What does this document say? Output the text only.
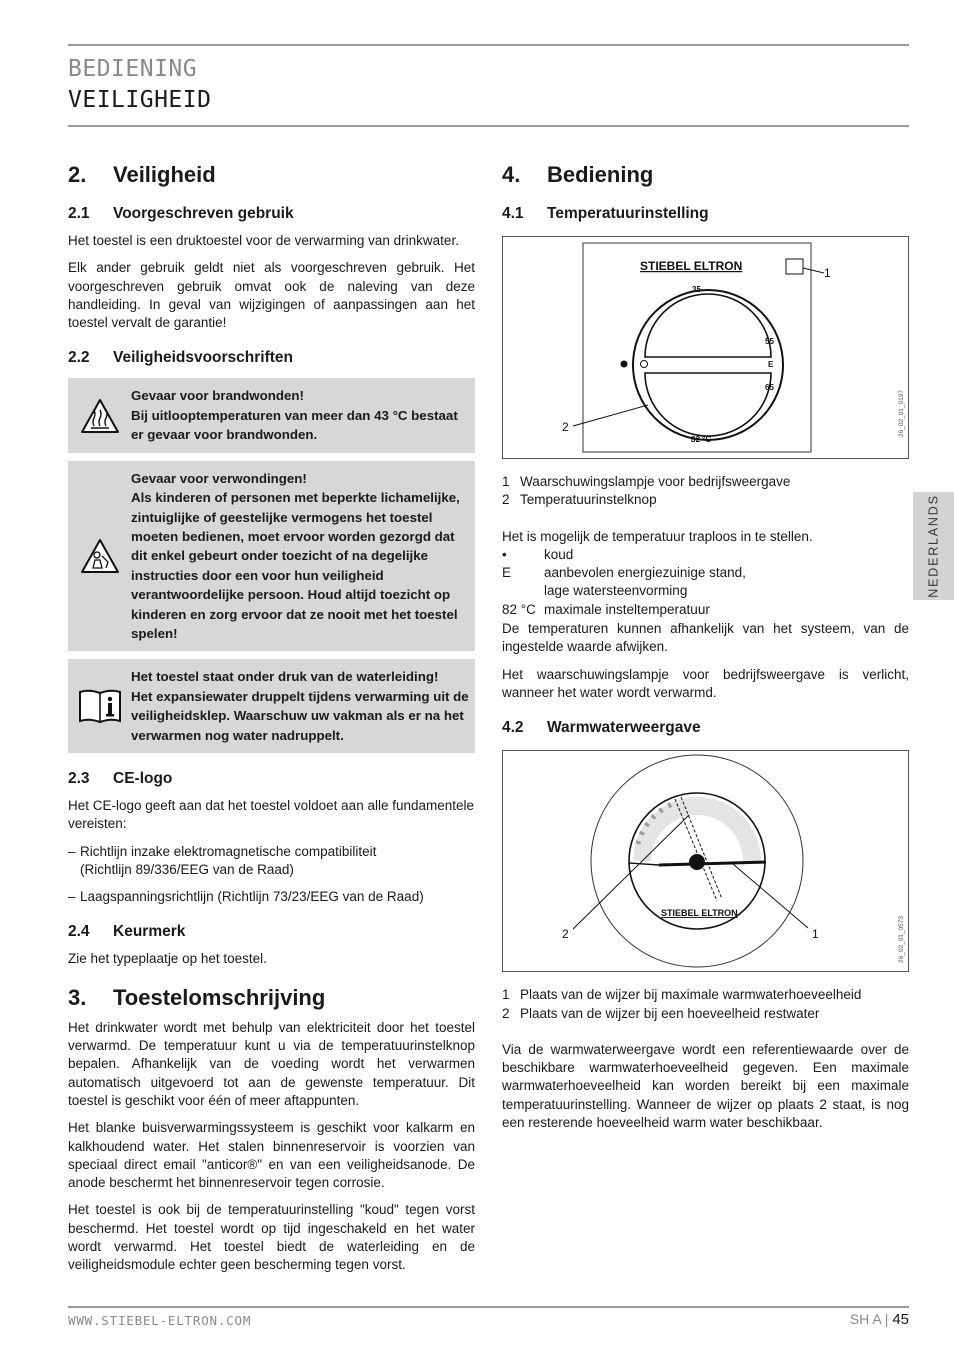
BEDIENING
VEILIGHEID
2.	Veiligheid
2.1	Voorgeschreven gebruik

Het toestel is een druktoestel voor de verwarming van drinkwater.

Elk ander gebruik geldt niet als voorgeschreven gebruik. Het voorgeschreven gebruik omvat ook de naleving van deze handleiding. In geval van wijzigingen of aanpassingen aan het toestel vervalt de garantie!

2.2	Veiligheidsvoorschriften
Gevaar voor brandwonden!
Bij uitlooptemperaturen van meer dan 43 °C bestaat er gevaar voor brandwonden.
Gevaar voor verwondingen!
Als kinderen of personen met beperkte lichamelijke, zintuiglijke of geestelijke vermogens het toestel moeten bedienen, moet ervoor worden gezorgd dat dit enkel gebeurt onder toezicht of na degelijke instructies door een voor hun veiligheid verantwoordelijke persoon. Houd altijd toezicht op kinderen en zorg ervoor dat ze nooit met het toestel spelen!
Het toestel staat onder druk van de waterleiding!
Het expansiewater druppelt tijdens verwarming uit de veiligheidsklep. Waarschuw uw vakman als er na het verwarmen nog water nadruppelt.
2.3	CE-logo

Het CE-logo geeft aan dat het toestel voldoet aan alle fundamentele vereisten:

– Richtlijn inzake elektromagnetische compatibiliteit
(Richtlijn 89/336/EEG van de Raad)
– Laagspanningsrichtlijn (Richtlijn 73/23/EEG van de Raad)
2.4	Keurmerk

Zie het typeplaatje op het toestel.

3.	Toestelomschrijving

Het drinkwater wordt met behulp van elektriciteit door het toestel verwarmd. De temperatuur kunt u via de temperatuurinstelknop bepalen. Afhankelijk van de voeding wordt het verwarmen automatisch uitgevoerd tot aan de gewenste temperatuur. Dit toestel is geschikt voor één of meer aftappunten.

Het blanke buisverwarmingssysteem is geschikt voor kalkarm en kalkhoudend water. Het stalen binnenreservoir is voorzien van speciaal direct email "anticor®" en van een veiligheidsanode. De anode beschermt het binnenreservoir tegen corrosie.

Het toestel is ook bij de temperatuurinstelling "koud" tegen vorst beschermd. Het toestel wordt op tijd ingeschakeld en het water wordt verwarmd. Het toestel biedt de waterleiding en de veiligheidsmodule echter geen bescherming tegen vorst.

4.	Bediening
4.1	Temperatuurinstelling
STIEBEL ELTRON
35
55
E
65
82 °C
1
2	26_02_01_0197
1 Waarschuwingslampje voor bedrijfsweergave
2 Temperatuurinstelknop
Het is mogelijk de temperatuur traploos in te stellen.
•	koud
E	aanbevolen energiezuinige stand,
lage watersteenvorming
82 °C maximale insteltemperatuur

De temperaturen kunnen afhankelijk van het systeem, van de ingestelde waarde afwijken.

Het waarschuwingslampje voor bedrijfsweergave is verlicht, wanneer het water wordt verwarmd.

4.2	Warmwaterweergave
STIEBEL ELTRON
1
2	26_02_01_0573
1 Plaats van de wijzer bij maximale warmwaterhoeveelheid
2 Plaats van de wijzer bij een hoeveelheid restwater

Via de warmwaterweergave wordt een referentiewaarde over de beschikbare warmwaterhoeveelheid gegeven. Een maximale warmwaterhoeveelheid kan worden bereikt bij een maximale temperatuurinstelling. Wanneer de wijzer op plaats 2 staat, is nog een resterende hoeveelheid warm water beschikbaar.

NEDERLANDS
WWW.STIEBEL-ELTRON.COM	SH A | 45
